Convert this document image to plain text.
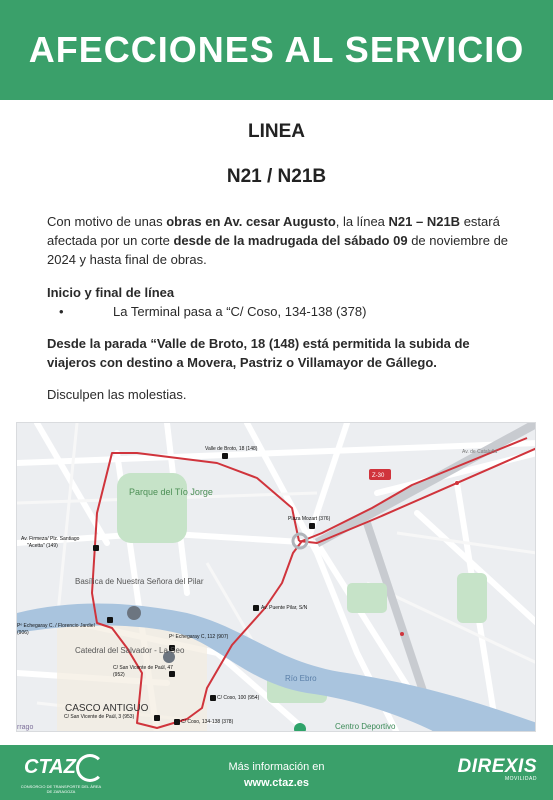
AFECCIONES AL SERVICIO
LINEA
N21 / N21B
Con motivo de unas obras en Av. cesar Augusto, la línea N21 – N21B estará afectada por un corte desde de la madrugada del sábado 09 de noviembre de 2024 y hasta final de obras.
Inicio y final de línea
• La Terminal pasa a “C/ Coso, 134-138 (378)
Desde la parada “Valle de Broto, 18 (148) está permitida la subida de viajeros con destino a Movera, Pastriz o Villamayor de Gállego.
Disculpen las molestias.
Valle de Broto, 18 (148)
Plaza Mozart (376)
Av. Firmeza/ Plz. Santiago
"Acetta" (149)
Av. Puente Pilar, S/N
Pº Echegaray C. / Florencio Jardiel
(906)
Pº Echegaray C, 112 (907)
C/ San Vicente de Paúl, 47
(952)
C/ Coso, 100 (954)
C/ San Vicente de Paúl, 3 (953)
C/ Coso, 134-138 (378)
Parque del Tío Jorge
Basílica de Nuestra Señora del Pilar
Catedral del Salvador - La Seo
CASCO ANTIGUO
Río Ebro
Centro Deportivo
rrago
Av. de Cataluña
Z-30
CTAZ
CONSORCIO DE TRANSPORTE DEL ÁREA DE ZARAGOZA
Más información en
www.ctaz.es
DIREXIS
MOVILIDAD
